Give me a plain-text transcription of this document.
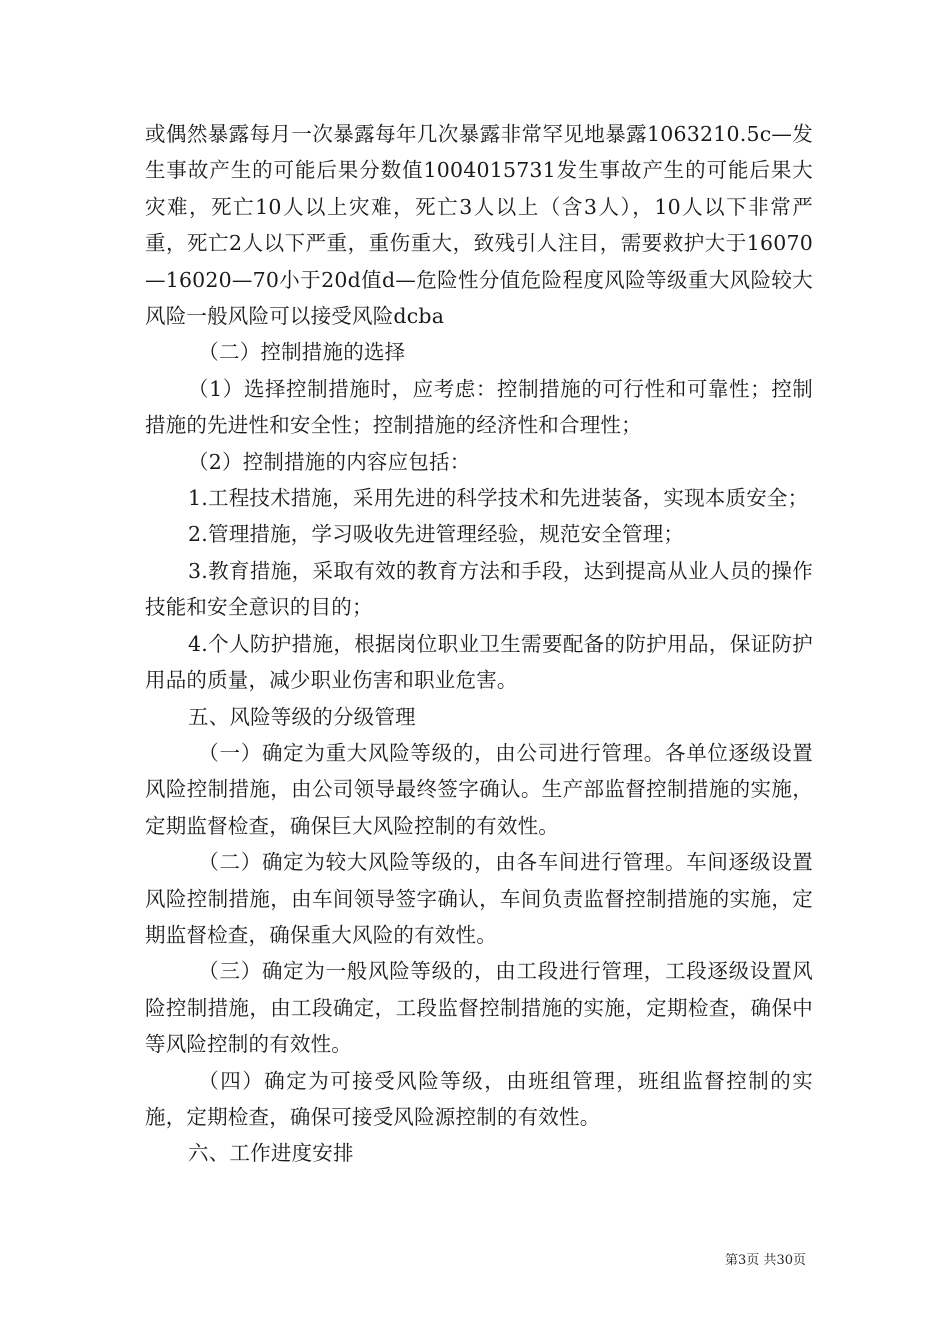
或偶然暴露每月一次暴露每年几次暴露非常罕见地暴露1063210.5c—发生事故产生的可能后果分数值1004015731发生事故产生的可能后果大灾难，死亡10人以上灾难，死亡3人以上（含3人），10人以下非常严重，死亡2人以下严重，重伤重大，致残引人注目，需要救护大于16070—16020—70小于20d值d—危险性分值危险程度风险等级重大风险较大风险一般风险可以接受风险dcba

（二）控制措施的选择

（1）选择控制措施时，应考虑：控制措施的可行性和可靠性；控制措施的先进性和安全性；控制措施的经济性和合理性；

（2）控制措施的内容应包括：

1.工程技术措施，采用先进的科学技术和先进装备，实现本质安全；

2.管理措施，学习吸收先进管理经验，规范安全管理；

3.教育措施，采取有效的教育方法和手段，达到提高从业人员的操作技能和安全意识的目的；

4.个人防护措施，根据岗位职业卫生需要配备的防护用品，保证防护用品的质量，减少职业伤害和职业危害。

五、风险等级的分级管理

（一）确定为重大风险等级的，由公司进行管理。各单位逐级设置风险控制措施，由公司领导最终签字确认。生产部监督控制措施的实施，定期监督检查，确保巨大风险控制的有效性。

（二）确定为较大风险等级的，由各车间进行管理。车间逐级设置风险控制措施，由车间领导签字确认，车间负责监督控制措施的实施，定期监督检查，确保重大风险的有效性。

（三）确定为一般风险等级的，由工段进行管理，工段逐级设置风险控制措施，由工段确定，工段监督控制措施的实施，定期检查，确保中等风险控制的有效性。

（四）确定为可接受风险等级，由班组管理，班组监督控制的实施，定期检查，确保可接受风险源控制的有效性。

六、工作进度安排

第3页 共30页
